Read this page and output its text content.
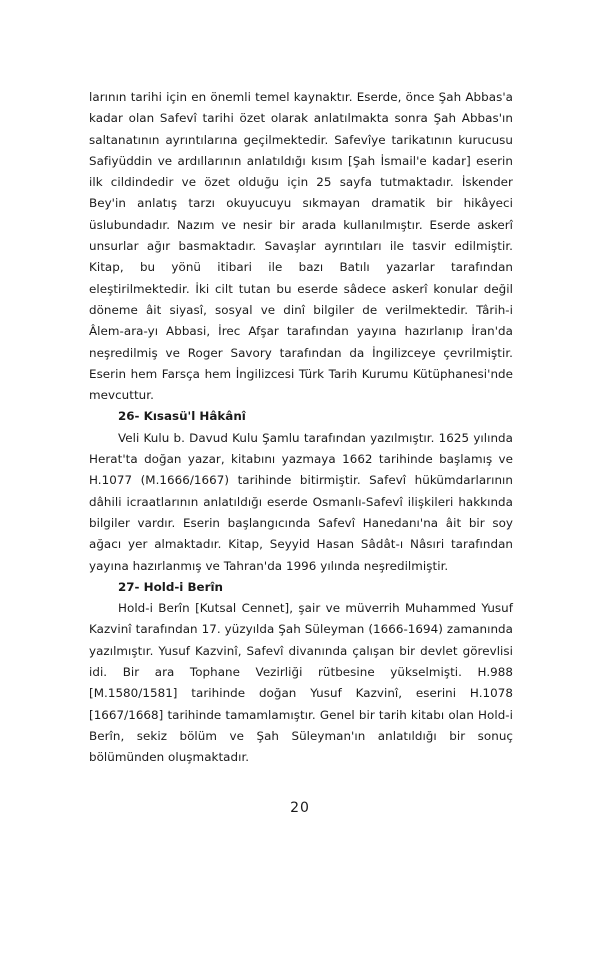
larının tarihi için en önemli temel kaynaktır. Eserde, önce Şah Abbas'a kadar olan Safevî tarihi özet olarak anlatılmakta sonra Şah Abbas'ın saltanatının ayrıntılarına geçilmektedir. Safevîye tarikatının kurucusu Safiyüddin ve ardıllarının anlatıldığı kısım [Şah İsmail'e kadar] eserin ilk cildindedir ve özet olduğu için 25 sayfa tutmaktadır. İskender Bey'in anlatış tarzı okuyucuyu sıkmayan dramatik bir hikâyeci üslubundadır. Nazım ve nesir bir arada kullanılmıştır. Eserde askerî unsurlar ağır basmaktadır. Savaşlar ayrıntıları ile tasvir edilmiştir. Kitap, bu yönü itibari ile bazı Batılı yazarlar tarafından eleştirilmektedir. İki cilt tutan bu eserde sâdece askerî konular değil döneme âit siyasî, sosyal ve dinî bilgiler de verilmektedir. Târih-i Âlem-ara-yı Abbasi, İrec Afşar tarafından yayına hazırlanıp İran'da neşredilmiş ve Roger Savory tarafından da İngilizceye çevrilmiştir. Eserin hem Farsça hem İngilizcesi Türk Tarih Kurumu Kütüphanesi'nde mevcuttur.

26- Kısasü'l Hâkânî

Veli Kulu b. Davud Kulu Şamlu tarafından yazılmıştır. 1625 yılında Herat'ta doğan yazar, kitabını yazmaya 1662 tarihinde başlamış ve H.1077 (M.1666/1667) tarihinde bitirmiştir. Safevî hükümdarlarının dâhili icraatlarının anlatıldığı eserde Osmanlı-Safevî ilişkileri hakkında bilgiler vardır. Eserin başlangıcında Safevî Hanedanı'na âit bir soy ağacı yer almaktadır. Kitap, Seyyid Hasan Sâdât-ı Nâsıri tarafından yayına hazırlanmış ve Tahran'da 1996 yılında neşredilmiştir.

27- Hold-i Berîn

Hold-i Berîn [Kutsal Cennet], şair ve müverrih Muhammed Yusuf Kazvinî tarafından 17. yüzyılda Şah Süleyman (1666-1694) zamanında yazılmıştır. Yusuf Kazvinî, Safevî divanında çalışan bir devlet görevlisi idi. Bir ara Tophane Vezirliği rütbesine yükselmişti. H.988 [M.1580/1581] tarihinde doğan Yusuf Kazvinî, eserini H.1078 [1667/1668] tarihinde tamamlamıştır. Genel bir tarih kitabı olan Hold-i Berîn, sekiz bölüm ve Şah Süleyman'ın anlatıldığı bir sonuç bölümünden oluşmaktadır.

20
